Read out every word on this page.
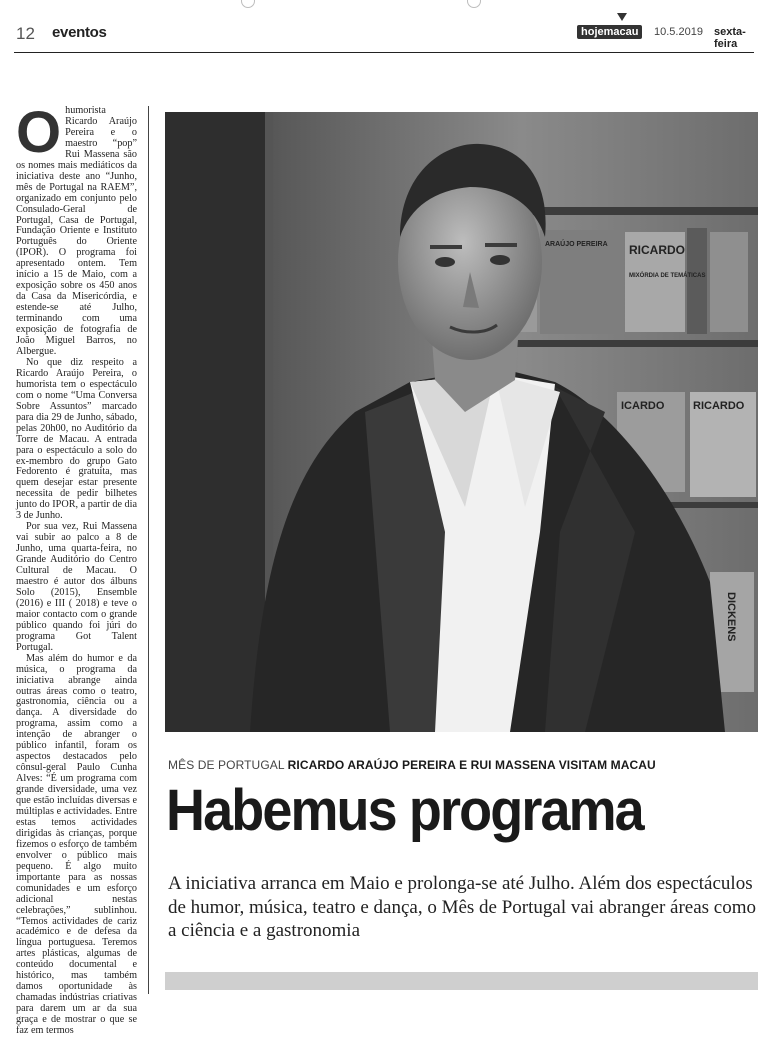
12 eventos	hojemacau	10.5.2019 sexta-feira
O humorista Ricardo Araújo Pereira e o maestro “pop” Rui Massena são os nomes mais mediáticos da iniciativa deste ano “Junho, mês de Portugal na RAEM”, organizado em conjunto pelo Consulado-Geral de Portugal, Casa de Portugal, Fundação Oriente e Instituto Português do Oriente (IPOR). O programa foi apresentado ontem. Tem início a 15 de Maio, com a exposição sobre os 450 anos da Casa da Misericórdia, e estende-se até Julho, terminando com uma exposição de fotografia de João Miguel Barros, no Albergue.

No que diz respeito a Ricardo Araújo Pereira, o humorista tem o espectáculo com o nome “Uma Conversa Sobre Assuntos” marcado para dia 29 de Junho, sábado, pelas 20h00, no Auditório da Torre de Macau. A entrada para o espectáculo a solo do ex-membro do grupo Gato Fedorento é gratuita, mas quem desejar estar presente necessita de pedir bilhetes junto do IPOR, a partir de dia 3 de Junho.

Por sua vez, Rui Massena vai subir ao palco a 8 de Junho, uma quarta-feira, no Grande Auditório do Centro Cultural de Macau. O maestro é autor dos álbuns Solo (2015), Ensemble (2016) e III ( 2018) e teve o maior contacto com o grande público quando foi júri do programa Got Talent Portugal.

Mas além do humor e da música, o programa da iniciativa abrange ainda outras áreas como o teatro, gastronomia, ciência ou a dança. A diversidade do programa, assim como a intenção de abranger o público infantil, foram os aspectos destacados pelo cônsul-geral Paulo Cunha Alves: “É um programa com grande diversidade, uma vez que estão incluídas diversas e múltiplas e actividades. Entre estas temos actividades dirigidas às crianças, porque fizemos o esforço de também envolver o público mais pequeno. É algo muito importante para as nossas comunidades e um esforço adicional nestas celebrações,” sublinhou. “Temos actividades de cariz académico e de defesa da língua portuguesa. Teremos artes plásticas, algumas de conteúdo documental e histórico, mas também damos oportunidade às chamadas indústrias criativas para darem um ar da sua graça e de mostrar o que se faz em termos

ARAÚJO PEREIRA RICARDO
MIXÓRDIA DE TEMÁTICAS
ICARDO	RICARDO
DICKENS
MÊS DE PORTUGAL RICARDO ARAÚJO PEREIRA E RUI MASSENA VISITAM MACAU
Habemus programa
A iniciativa arranca em Maio e prolonga-se até Julho. Além dos espectáculos de humor, música, teatro e dança, o Mês de Portugal vai abranger áreas como a ciência e a gastronomia
